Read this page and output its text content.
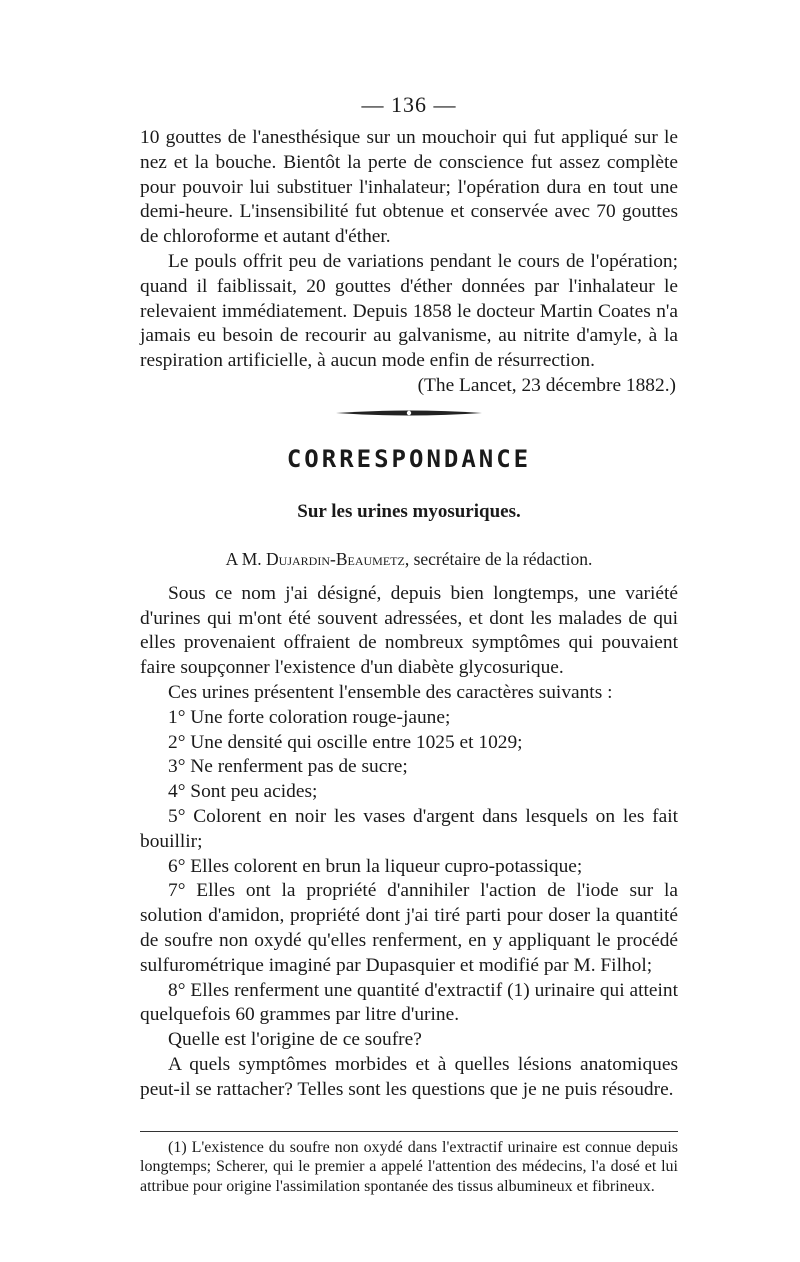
— 136 —

10 gouttes de l'anesthésique sur un mouchoir qui fut appliqué sur le nez et la bouche. Bientôt la perte de conscience fut assez complète pour pouvoir lui substituer l'inhalateur; l'opération dura en tout une demi-heure. L'insensibilité fut obtenue et conservée avec 70 gouttes de chloroforme et autant d'éther.

Le pouls offrit peu de variations pendant le cours de l'opération; quand il faiblissait, 20 gouttes d'éther données par l'inhalateur le relevaient immédiatement. Depuis 1858 le docteur Martin Coates n'a jamais eu besoin de recourir au galvanisme, au nitrite d'amyle, à la respiration artificielle, à aucun mode enfin de résurrection.

(The Lancet, 23 décembre 1882.)
CORRESPONDANCE
Sur les urines myosuriques.
A M. Dujardin-Beaumetz, secrétaire de la rédaction.

Sous ce nom j'ai désigné, depuis bien longtemps, une variété d'urines qui m'ont été souvent adressées, et dont les malades de qui elles provenaient offraient de nombreux symptômes qui pouvaient faire soupçonner l'existence d'un diabète glycosurique.

Ces urines présentent l'ensemble des caractères suivants :

1° Une forte coloration rouge-jaune;

2° Une densité qui oscille entre 1025 et 1029;

3° Ne renferment pas de sucre;

4° Sont peu acides;

5° Colorent en noir les vases d'argent dans lesquels on les fait bouillir;

6° Elles colorent en brun la liqueur cupro-potassique;

7° Elles ont la propriété d'annihiler l'action de l'iode sur la solution d'amidon, propriété dont j'ai tiré parti pour doser la quantité de soufre non oxydé qu'elles renferment, en y appliquant le procédé sulfurométrique imaginé par Dupasquier et modifié par M. Filhol;

8° Elles renferment une quantité d'extractif (1) urinaire qui atteint quelquefois 60 grammes par litre d'urine.

Quelle est l'origine de ce soufre?

A quels symptômes morbides et à quelles lésions anatomiques peut-il se rattacher? Telles sont les questions que je ne puis résoudre.

(1) L'existence du soufre non oxydé dans l'extractif urinaire est connue depuis longtemps; Scherer, qui le premier a appelé l'attention des médecins, l'a dosé et lui attribue pour origine l'assimilation spontanée des tissus albumineux et fibrineux.
